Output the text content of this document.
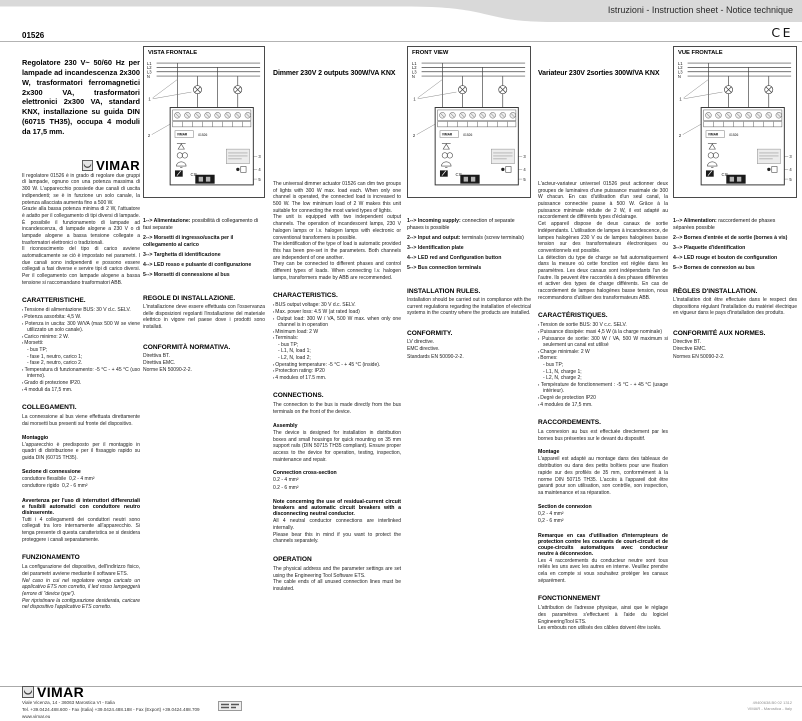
Istruzioni - Instruction sheet - Notice technique
01526	CE

Regolatore 230 V~ 50/60 Hz per lampade ad incandescenza 2x300 W, trasformatori ferromagnetici 2x300 VA, trasformatori elettronici 2x300 VA, standard KNX, installazione su guida DIN (60715 TH35), occupa 4 moduli da 17,5 mm.

VIMAR

Il regolatore 01526 è in grado di regolare due gruppi di lampade, ognuno con una potenza massima di 300 W. L'apparecchio possiede due canali di uscita indipendenti; se è in funzione un solo canale, la potenza allacciata aumenta fino a 500 W.

Grazie alla bassa potenza minima di 2 W, l'attuatore è adatto per il collegamento di tipi diversi di lampade. È possibile il funzionamento di lampade ad incandescenza, di lampade alogene a 230 V o di lampade alogene a bassa tensione collegate a trasformatori elettronici o tradizionali.

Il riconoscimento del tipo di carico avviene automaticamente se ciò è impostato nei parametri. I due canali sono indipendenti e possono essere collegati a fasi diverse e servire tipi di carico diversi. Per il collegamento con lampade alogene a bassa tensione si raccomandano trasformatori ABB.

CARATTERISTICHE.
▪ Tensione di alimentazione BUS: 30 V d.c. SELV.
▪ Potenza assorbita: 4,5 W.
▪ Potenza in uscita: 300 W/VA (max 500 W se viene utilizzato un solo canale).
▪ Carico minimo: 2 W.
▪ Morsetti:
- bus TP;
- fase 1, neutro, carico 1;
- fase 2, neutro, carico 2.
▪ Temperatura di funzionamento: -5 °C - + 45 °C (uso interno).
▪ Grado di protezione IP20.
▪ 4 moduli da 17,5 mm.
COLLEGAMENTI.

La connessione al bus viene effettuata direttamente dai morsetti bus presenti sul fronte del dispositivo.

Montaggio

L'apparecchio è predisposto per il montaggio in quadri di distribuzione e per il fissaggio rapido su guida DIN (60715 TH35).

Sezione di connessione

conduttore flessibile  0,2 - 4 mm²

conduttore rigido  0,2 - 6 mm²

Avvertenza per l'uso di interruttori differenziali e fusibili automatici con conduttore neutro disinserente.

Tutti i 4 collegamenti dei conduttori neutri sono collegati tra loro internamente all'apparecchio. Si tenga presente di questa caratteristica se si desidera proteggere i canali separatamente.

FUNZIONAMENTO

La configurazione del dispositivo, dell'indirizzo fisico, dei parametri avviene mediante il software ETS.

Nel caso in cui nel regolatore venga caricato un applicativo ETS non corretto, il led rosso lampeggerà (errore di “device type”).

Per ripristinare la configurazione desiderata, caricare nel dispositivo l'applicativo ETS corretto.

VISTA FRONTALE
1--> Alimentazione: possibilità di collegamento di fasi separate
2--> Morsetti di ingresso/uscita per il collegamento al carico
3--> Targhetta di identificazione
4--> LED rosso e pulsante di configurazione
5--> Morsetti di connessione al bus
REGOLE DI INSTALLAZIONE.

L'installazione deve essere effettuata con l'osservanza delle disposizioni regolanti l'installazione del materiale elettrico in vigore nel paese dove i prodotti sono installati.

CONFORMITÀ NORMATIVA.

Direttiva BT.

Direttiva EMC.

Norme EN 50090-2-2.

Dimmer 230V 2 outputs 300W/VA KNX

The universal dimmer actuator 01526 can dim two groups of lights with 300 W max. load each. When only one channel is operated, the connected load is increased to 500 W. The low minimum load of 2 W makes this unit suitable for connecting the most varied types of lights.

The unit is equipped with two independent output channels. The operation of incandescent lamps, 230 V halogen lamps or l.v. halogen lamps with electronic or conventional transformers is possible.

The identification of the type of load is automatic provided this has been pre-set in the parameters. Both channels are independent of one another.

They can be connected to different phases and control different types of loads. When connecting l.v. halogen lamps, transformers made by ABB are recommended.

CHARACTERISTICS.
▪ BUS output voltage: 30 V d.c. SELV.
▪ Max. power loss: 4.5 W (at rated load)
▪ Output load: 300 W / VA, 500 W max. when only one channel is in operation
▪ Minimum load: 2 W
▪ Terminals:
- bus TP;
- L1, N, load 1;
- L2, N, load 2;
▪ Operating temperature: -5 °C - + 45 °C (inside).
▪ Protection rating: IP20
▪ 4 modules of 17.5 mm.
CONNECTIONS.

The connection to the bus is made directly from the bus terminals on the front of the device.

Assembly

The device is designed for installation in distribution boxes and small housings for quick mounting on 35 mm support rails (DIN 50715 TH35 compliant). Ensure proper access to the device for operation, testing, inspection, maintenance and repair.

Connection cross-section

0.2 - 4 mm²

0.2 - 6 mm²

Note concerning the use of residual-current circuit breakers and automatic circuit breakers with a disconnecting neutral conductor.

All 4 neutral conductor connections are interlinked internally.

Please bear this in mind if you want to protect the channels separately.

OPERATION

The physical address and the parameter settings are set using the Engineering Tool Software ETS.

The cable ends of all unused connection lines must be insulated.

FRONT VIEW
1--> Incoming supply: connection of separate phases is possible
2--> Input and output: terminals (screw terminals)
3--> Identification plate
4--> LED red and Configuration button
5--> Bus connection terminals
INSTALLATION RULES.

Installation should be carried out in compliance with the current regulations regarding the installation of electrical systems in the country where the products are installed.

CONFORMITY.

LV directive.

EMC directive.

Standards EN 50090-2-2.

Variateur 230V 2sorties 300W/VA KNX

L'acteur-variateur universel 01526 peut actionner deux groupes de luminaires d'une puissance maximale de 300 W chacun. En cas d'utilisation d'un seul canal, la puissance connectée passe à 500 W. Grâce à la puissance minimale réduite de 2 W, il est adapté au raccordement de différents types d'éclairage.

Cet appareil dispose de deux canaux de sortie indépendants. L'utilisation de lampes à incandescence, de lampes halogènes 230 V ou de lampes halogènes basse tension sur des transformateurs électroniques ou conventionnels est possible.

La détection du type de charge se fait automatiquement dans la mesure où cette fonction est réglée dans les paramètres. Les deux canaux sont indépendants l'un de l'autre. Ils peuvent être raccordés à des phases différentes et activer des types de charge différents. En cas de raccordement de lampes halogènes basse tension, nous recommandons d'utiliser des transformateurs ABB.

CARACTÉRISTIQUES.
▪ Tension de sortie BUS: 30 V c.c. SELV.
▪ Puissance dissipée: maxi 4,5 W (à la charge nominale)
▪ Puissance de sortie: 300 W / VA, 500 W maximum si seulement un canal est utilisé
▪ Charge minimale: 2 W
▪ Bornes:
- bus TP;
- L1, N, charge 1;
- L2, N, charge 2;
▪ Température de fonctionnement : -5 °C - + 45 °C (usage intérieur).
▪ Degré de protection IP20
▪ 4 modules de 17,5 mm.
RACCORDEMENTS.

La connexion au bus est effectuée directement par les bornes bus présentes sur le devant du dispositif.

Montage

L'appareil est adapté au montage dans des tableaux de distribution ou dans des petits boîtiers pour une fixation rapide sur des profilés de 35 mm, conformément à la norme DIN 50715 TH35. L'accès à l'appareil doit être garanti pour son utilisation, son contrôle, son inspection, sa maintenance et sa réparation.

Section de connexion

0,2 - 4 mm²

0,2 - 6 mm²

Remarque en cas d'utilisation d'interrupteurs de protection contre les courants de court-circuit et de coupe-circuits automatiques avec conducteur neutre à déconnexion.

Les 4 raccordements du conducteur neutre sont tous reliés les uns avec les autres en interne. Veuillez prendre cela en compte si vous souhaitez protéger les canaux séparément.

FONCTIONNEMENT

L'attribution de l'adresse physique, ainsi que le réglage des paramètres s'effectuent à l'aide du logiciel EngineeringTool ETS.

Les embouts non utilisés des câbles doivent être isolés.

VUE FRONTALE
1--> Alimentation: raccordement de phases séparées possible
2--> Bornes d'entrée et de sortie (bornes à vis)
3--> Plaquette d'identification
4--> LED rouge et bouton de configuration
5--> Bornes de connexion au bus
RÈGLES D'INSTALLATION.

L'installation doit être effectuée dans le respect des dispositions régulant l'installation du matériel électrique en vigueur dans le pays d'installation des produits.

CONFORMITÉ AUX NORMES.

Directive BT.

Directive EMC.

Normes EN 50090-2-2.

VIMAR
Viale Vicenza, 14 - 36063 Marostica VI - Italia
Tel. +39.0424.488.600 - Fax (Italia) +39.0424.488.188 - Fax (Export) +39.0424.488.709
www.vimar.eu
49400638.B0 02 1312
VIMAR - Marostica - Italy
